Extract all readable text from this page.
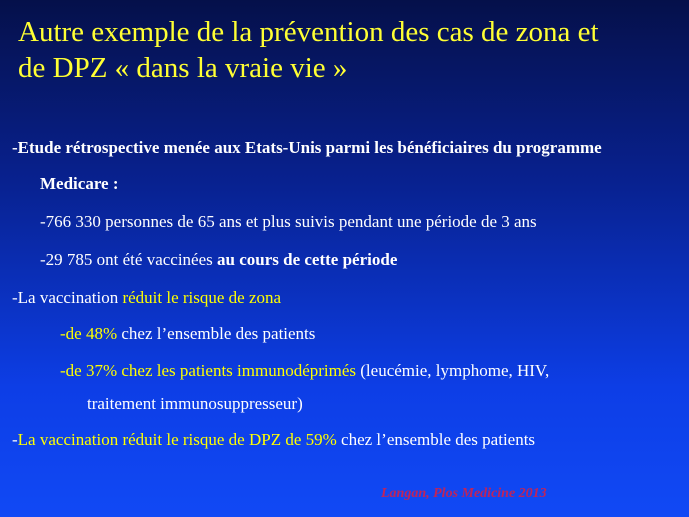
Autre exemple de la prévention des cas de zona et
de DPZ « dans la vraie vie »
-Etude rétrospective menée aux Etats-Unis parmi les bénéficiaires du programme
Medicare :
-766 330 personnes de 65 ans et plus suivis pendant une période de 3 ans
-29 785 ont été vaccinées au cours de cette période
-La vaccination réduit le risque de zona
-de 48% chez l’ensemble des patients
-de 37% chez les patients immunodéprimés (leucémie, lymphome, HIV,
traitement immunosuppresseur)
-La vaccination réduit le risque de DPZ de 59% chez l’ensemble des patients
Langan, Plos Medicine 2013
